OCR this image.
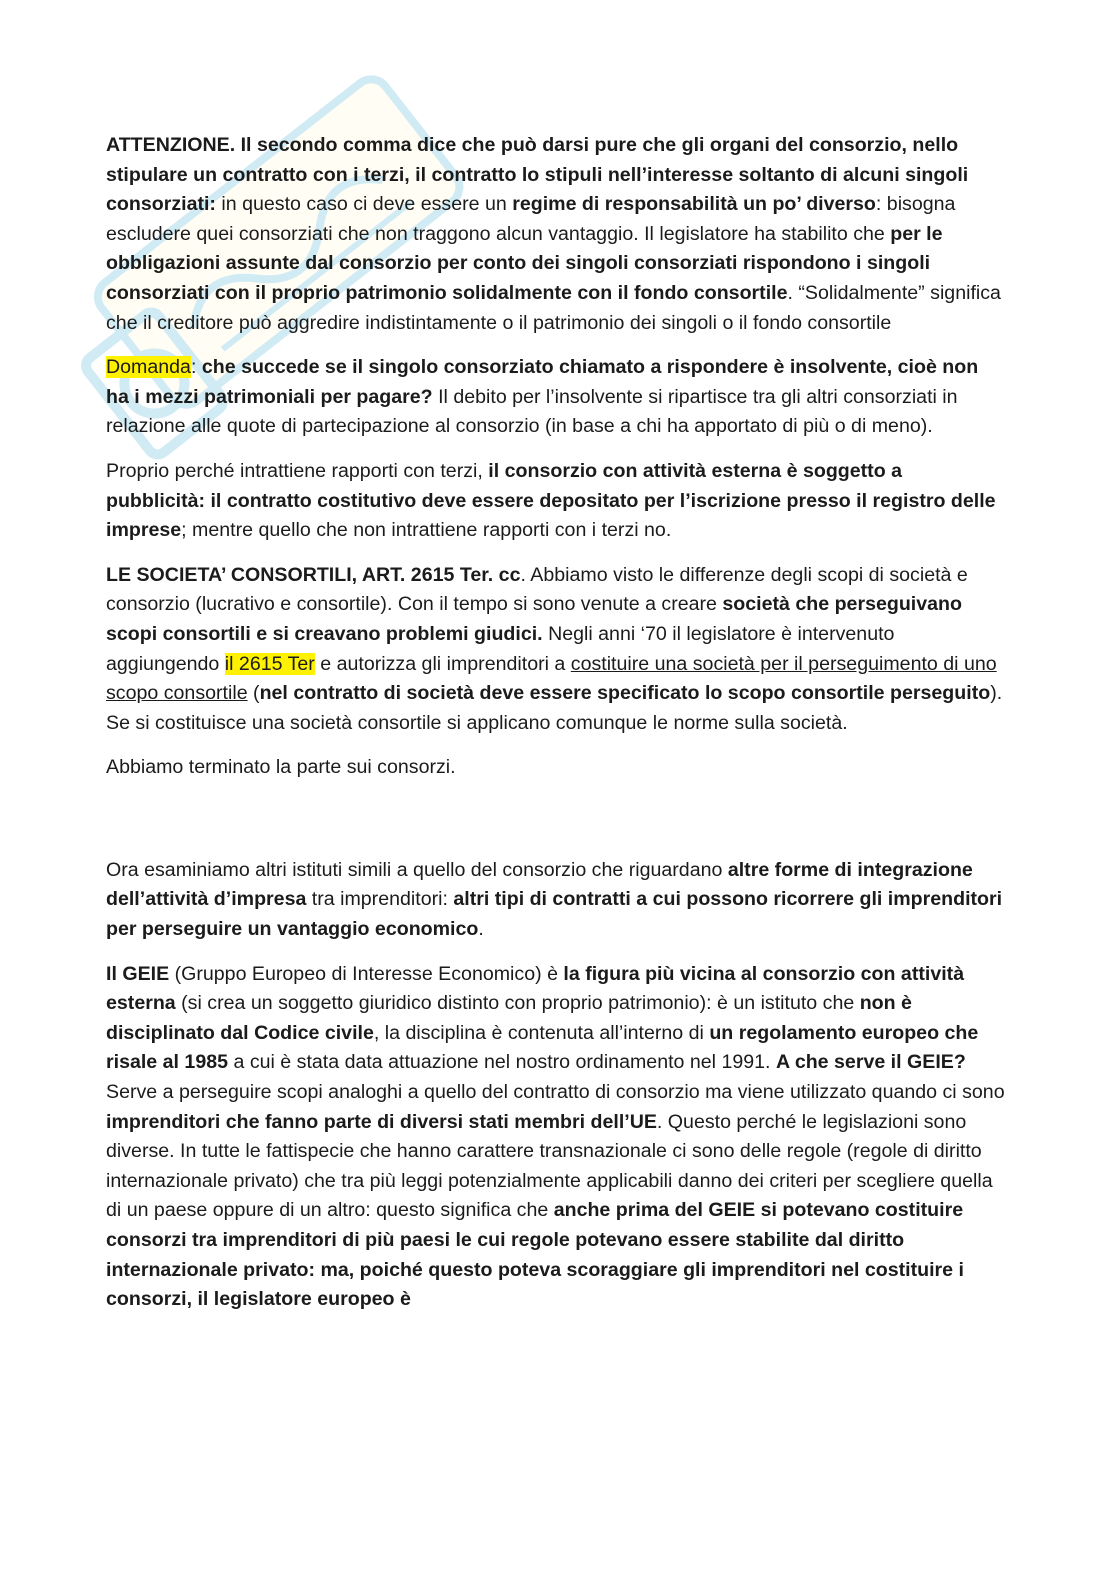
ATTENZIONE. Il secondo comma dice che può darsi pure che gli organi del consorzio, nello stipulare un contratto con i terzi, il contratto lo stipuli nell’interesse soltanto di alcuni singoli consorziati: in questo caso ci deve essere un regime di responsabilità un po’ diverso: bisogna escludere quei consorziati che non traggono alcun vantaggio. Il legislatore ha stabilito che per le obbligazioni assunte dal consorzio per conto dei singoli consorziati rispondono i singoli consorziati con il proprio patrimonio solidalmente con il fondo consortile. “Solidalmente” significa che il creditore può aggredire indistintamente o il patrimonio dei singoli o il fondo consortile

Domanda: che succede se il singolo consorziato chiamato a rispondere è insolvente, cioè non ha i mezzi patrimoniali per pagare? Il debito per l’insolvente si ripartisce tra gli altri consorziati in relazione alle quote di partecipazione al consorzio (in base a chi ha apportato di più o di meno).

Proprio perché intrattiene rapporti con terzi, il consorzio con attività esterna è soggetto a pubblicità: il contratto costitutivo deve essere depositato per l’iscrizione presso il registro delle imprese; mentre quello che non intrattiene rapporti con i terzi no.

LE SOCIETA’ CONSORTILI, ART. 2615 Ter. cc. Abbiamo visto le differenze degli scopi di società e consorzio (lucrativo e consortile). Con il tempo si sono venute a creare società che perseguivano scopi consortili e si creavano problemi giudici. Negli anni ‘70 il legislatore è intervenuto aggiungendo il 2615 Ter e autorizza gli imprenditori a costituire una società per il perseguimento di uno scopo consortile (nel contratto di società deve essere specificato lo scopo consortile perseguito). Se si costituisce una società consortile si applicano comunque le norme sulla società.

Abbiamo terminato la parte sui consorzi.

Ora esaminiamo altri istituti simili a quello del consorzio che riguardano altre forme di integrazione dell’attività d’impresa tra imprenditori: altri tipi di contratti a cui possono ricorrere gli imprenditori per perseguire un vantaggio economico.

Il GEIE (Gruppo Europeo di Interesse Economico) è la figura più vicina al consorzio con attività esterna (si crea un soggetto giuridico distinto con proprio patrimonio): è un istituto che non è disciplinato dal Codice civile, la disciplina è contenuta all’interno di un regolamento europeo che risale al 1985 a cui è stata data attuazione nel nostro ordinamento nel 1991. A che serve il GEIE? Serve a perseguire scopi analoghi a quello del contratto di consorzio ma viene utilizzato quando ci sono imprenditori che fanno parte di diversi stati membri dell’UE. Questo perché le legislazioni sono diverse. In tutte le fattispecie che hanno carattere transnazionale ci sono delle regole (regole di diritto internazionale privato) che tra più leggi potenzialmente applicabili danno dei criteri per scegliere quella di un paese oppure di un altro: questo significa che anche prima del GEIE si potevano costituire consorzi tra imprenditori di più paesi le cui regole potevano essere stabilite dal diritto internazionale privato: ma, poiché questo poteva scoraggiare gli imprenditori nel costituire i consorzi, il legislatore europeo è
